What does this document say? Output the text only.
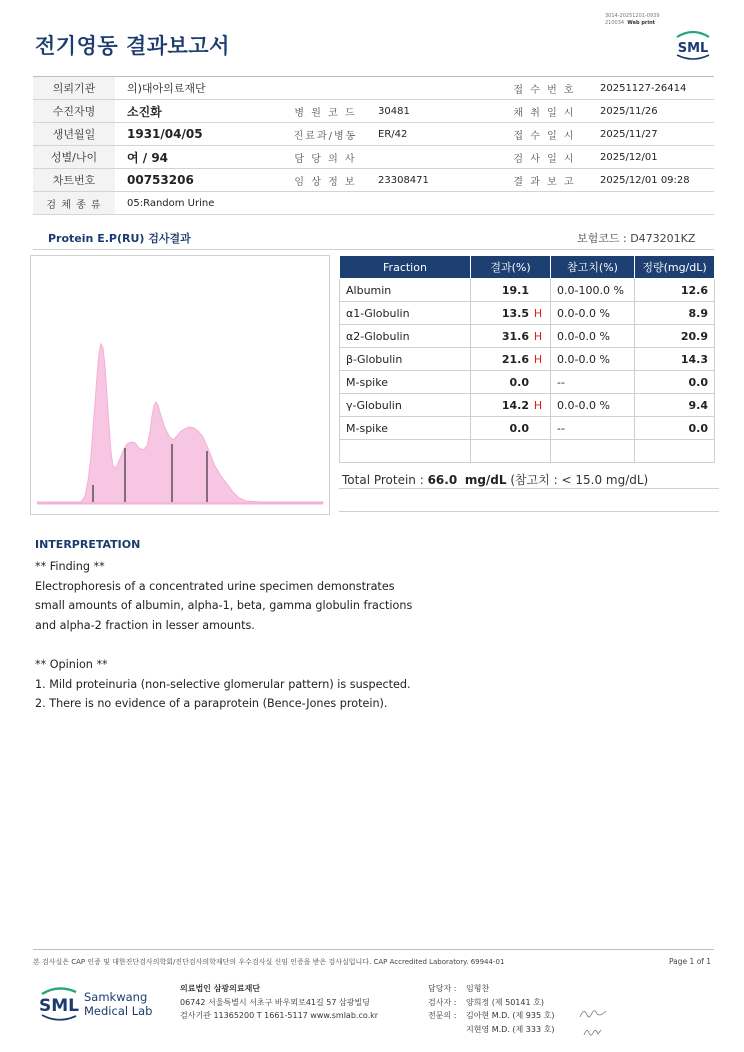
전기영동 결과보고서
3014-20251201-0939
210034 Web print
SML
의뢰기관	의)대아의료재단			접 수 번 호	20251127-26414
수진자명	소진화	병 원 코 드	30481	채 취 일 시	2025/11/26
생년월일	1931/04/05	진료과/병동	ER/42	접 수 일 시	2025/11/27
성별/나이	여 / 94	담 당 의 사		검 사 일 시	2025/12/01
차트번호	00753206	임 상 정 보	23308471	결 과 보 고	2025/12/01 09:28
검 체 종 류	05:Random Urine				
Protein E.P(RU) 검사결과	보험코드 : D473201KZ
Fraction	결과(%)	참고치(%)	정량(mg/dL)
Albumin	19.1	0.0-100.0 %	12.6
α1-Globulin	13.5 H	0.0-0.0 %	8.9
α2-Globulin	31.6 H	0.0-0.0 %	20.9
β-Globulin	21.6 H	0.0-0.0 %	14.3
M-spike	0.0	--	0.0
γ-Globulin	14.2 H	0.0-0.0 %	9.4
M-spike	0.0	--	0.0

Total Protein : 66.0 mg/dL (참고치 : < 15.0 mg/dL)
INTERPRETATION
** Finding **
Electrophoresis of a concentrated urine specimen demonstrates
small amounts of albumin, alpha-1, beta, gamma globulin fractions
and alpha-2 fraction in lesser amounts.
** Opinion **
1. Mild proteinuria (non-selective glomerular pattern) is suspected.
2. There is no evidence of a paraprotein (Bence-Jones protein).
본 검사실은 CAP 인증 및 대한진단검사의학회/진단검사의학재단의 우수검사실 신임 인증을 받은 검사실입니다. CAP Accredited Laboratory. 69944-01	Page 1 of 1
SML Samkwang
Medical Lab
의료법인 삼광의료재단
06742 서울특별시 서초구 바우뫼로41길 57 삼광빌딩
검사기관 11365200 T 1661-5117 www.smlab.co.kr
담당자 : 임형찬
검사자 : 양희정 (제 50141 호)
전문의 : 김아현 M.D. (제 935 호)
지현영 M.D. (제 333 호)
